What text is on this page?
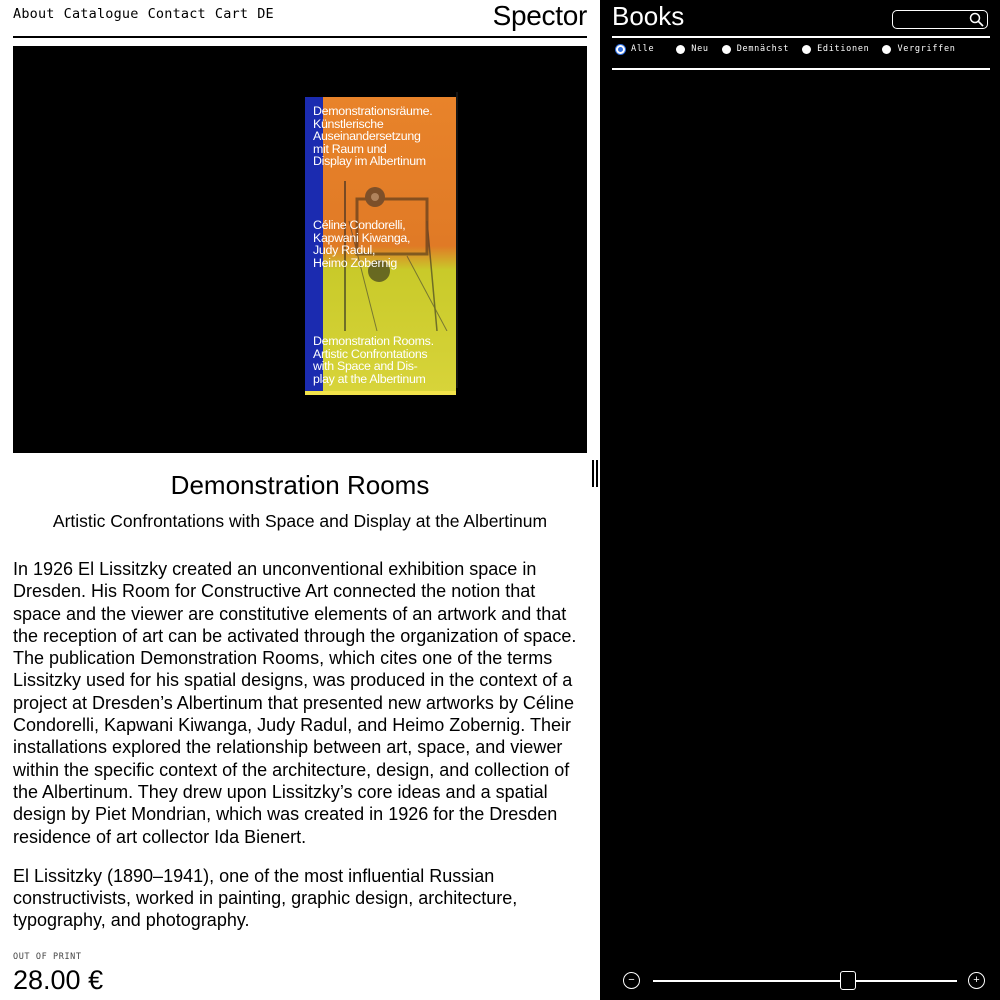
About Catalogue Contact Cart DE	Spector
Demonstrationsräume.
Künstlerische
Auseinandersetzung
mit Raum und
Display im Albertinum
Céline Condorelli,
Kapwani Kiwanga,
Judy Radul,
Heimo Zobernig
Demonstration Rooms.
Artistic Confrontations
with Space and Dis-
play at the Albertinum
Demonstration Rooms
Artistic Confrontations with Space and Display at the Albertinum

In 1926 El Lissitzky created an unconventional exhibition space in Dresden. His Room for Constructive Art connected the notion that space and the viewer are constitutive elements of an artwork and that the reception of art can be activated through the organization of space. The publication Demonstration Rooms, which cites one of the terms Lissitzky used for his spatial designs, was produced in the context of a project at Dresden’s Albertinum that presented new artworks by Céline Condorelli, Kapwani Kiwanga, Judy Radul, and Heimo Zobernig. Their installations explored the relationship between art, space, and viewer within the specific context of the architecture, design, and collection of the Albertinum. They drew upon Lissitzky’s core ideas and a spatial design by Piet Mondrian, which was created in 1926 for the Dresden residence of art collector Ida Bienert.

El Lissitzky (1890–1941), one of the most influential Russian constructivists, worked in painting, graphic design, architecture, typography, and photography.

OUT OF PRINT
28.00 €
Books
Alle	Neu	Demnächst	Editionen	Vergriffen
−	+
